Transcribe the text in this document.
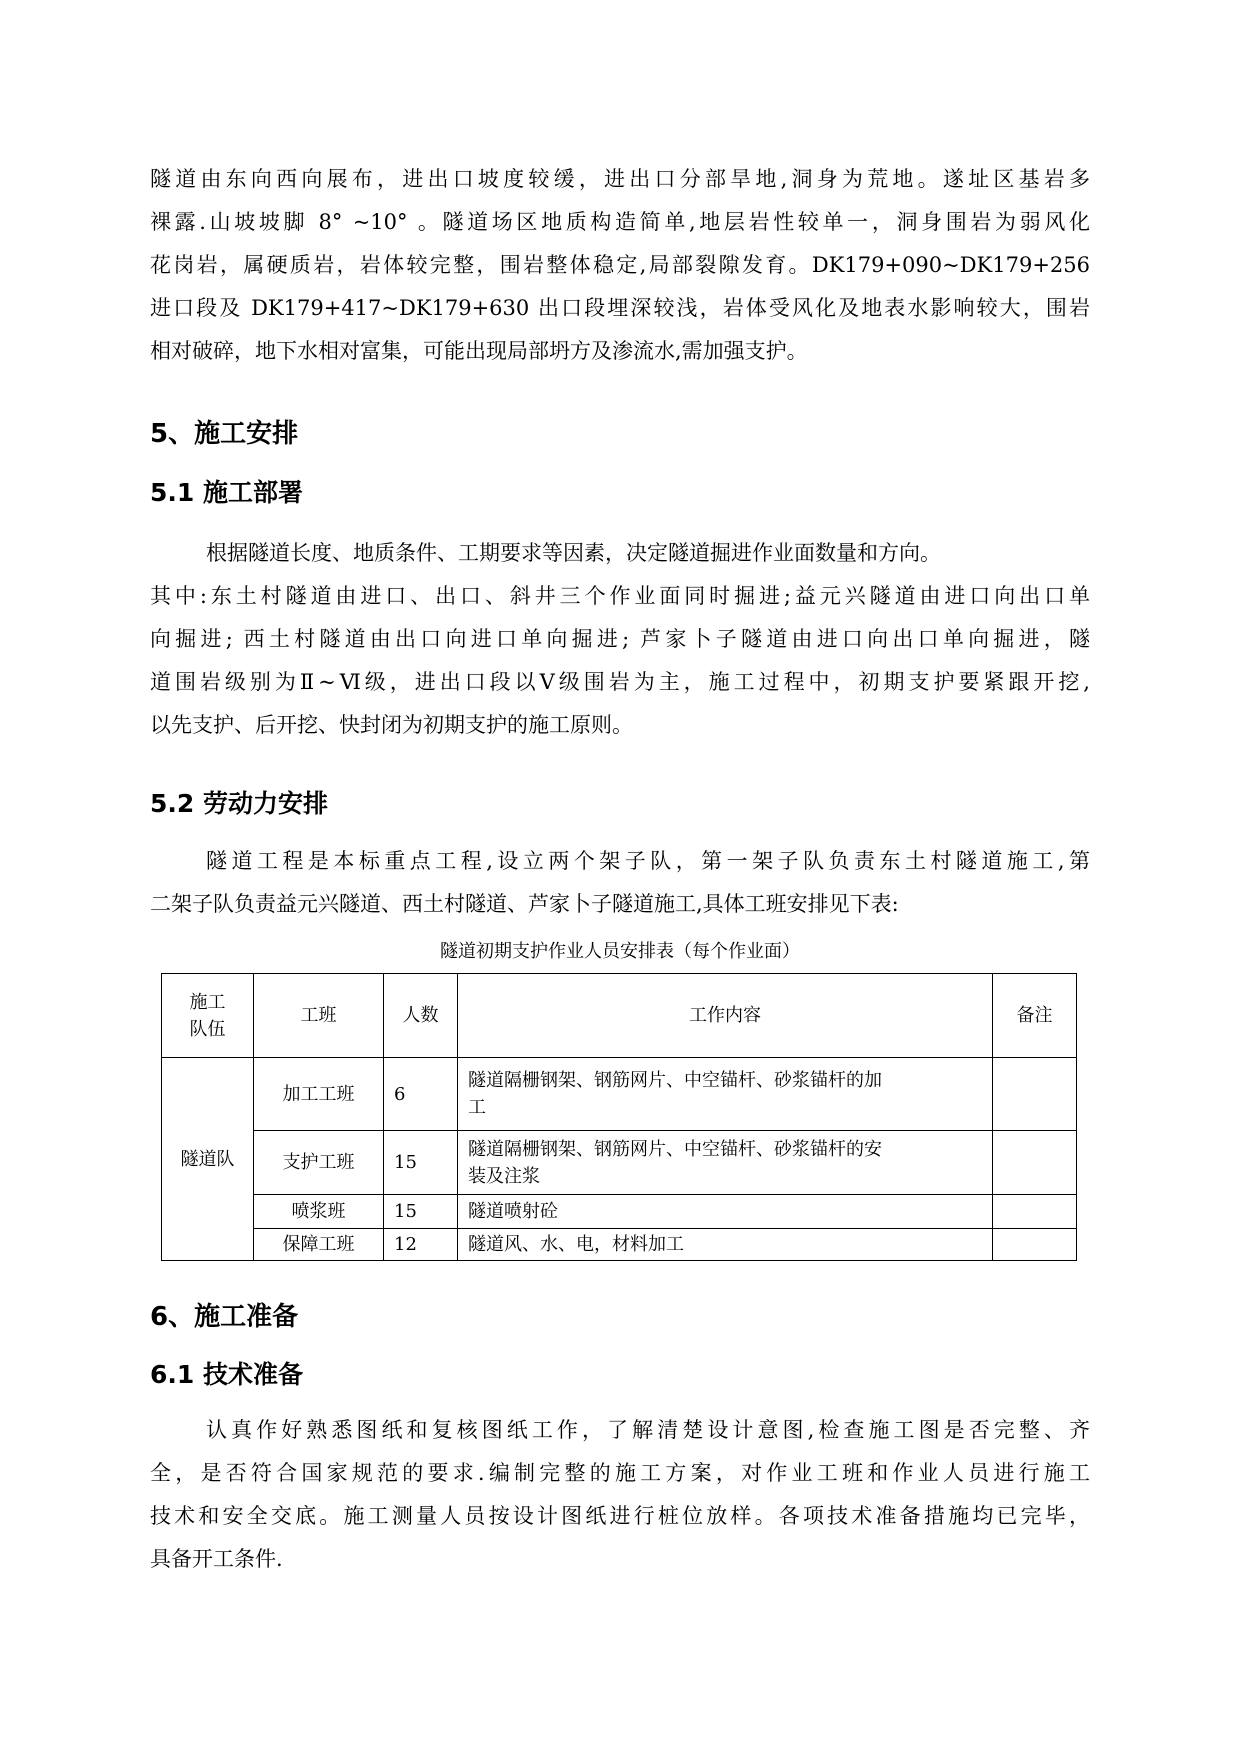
隧道由东向西向展布，进出口坡度较缓，进出口分部旱地,洞身为荒地。遂址区基岩多
裸露.山坡坡脚 8° ~10° 。隧道场区地质构造简单,地层岩性较单一，洞身围岩为弱风化
花岗岩，属硬质岩，岩体较完整，围岩整体稳定,局部裂隙发育。DK179+090~DK179+256
进口段及 DK179+417~DK179+630 出口段埋深较浅，岩体受风化及地表水影响较大，围岩
相对破碎，地下水相对富集，可能出现局部坍方及渗流水,需加强支护。
5、施工安排
5.1 施工部署
根据隧道长度、地质条件、工期要求等因素，决定隧道掘进作业面数量和方向。
其中:东土村隧道由进口、出口、斜井三个作业面同时掘进;益元兴隧道由进口向出口单
向掘进; 西土村隧道由出口向进口单向掘进; 芦家卜子隧道由进口向出口单向掘进，隧
道围岩级别为Ⅱ~Ⅵ级，进出口段以Ⅴ级围岩为主，施工过程中，初期支护要紧跟开挖,
以先支护、后开挖、快封闭为初期支护的施工原则。
5.2 劳动力安排
隧道工程是本标重点工程,设立两个架子队，第一架子队负责东土村隧道施工,第
二架子队负责益元兴隧道、西土村隧道、芦家卜子隧道施工,具体工班安排见下表:
隧道初期支护作业人员安排表（每个作业面）
施工
队伍	工班	人数	工作内容	备注
隧道队	加工工班	6	隧道隔栅钢架、钢筋网片、中空锚杆、砂浆锚杆的加
工	

	支护工班	15	隧道隔栅钢架、钢筋网片、中空锚杆、砂浆锚杆的安
装及注浆	

	喷浆班	15	隧道喷射砼	
	保障工班	12	隧道风、水、电，材料加工	
6、施工准备
6.1 技术准备
认真作好熟悉图纸和复核图纸工作，了解清楚设计意图,检查施工图是否完整、齐
全，是否符合国家规范的要求.编制完整的施工方案，对作业工班和作业人员进行施工
技术和安全交底。施工测量人员按设计图纸进行桩位放样。各项技术准备措施均已完毕，
具备开工条件.
